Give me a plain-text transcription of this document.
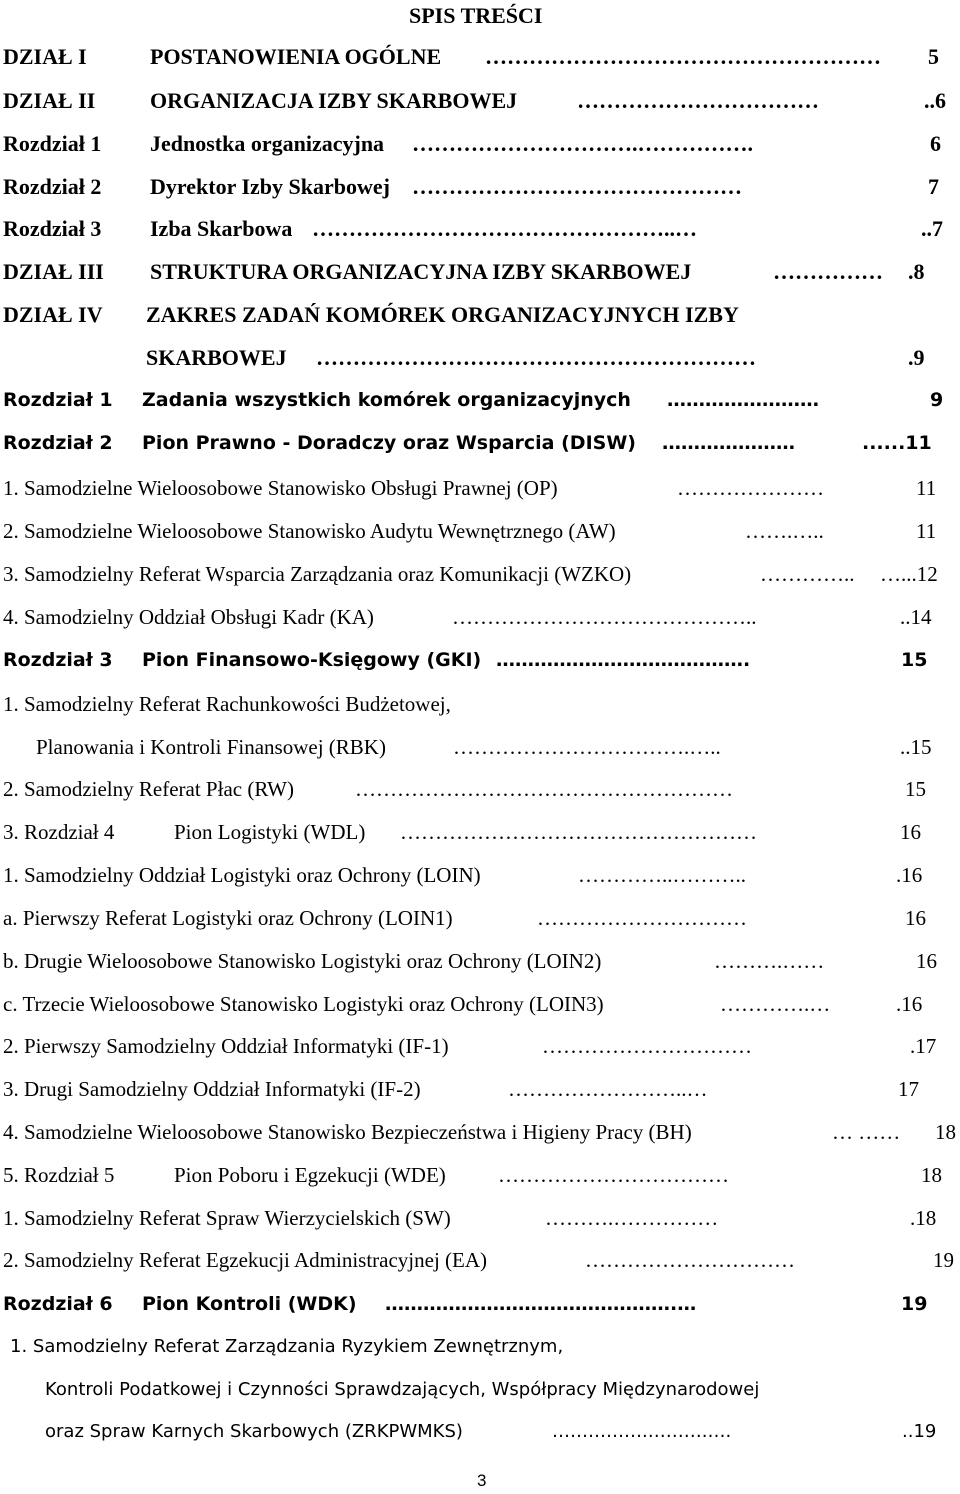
SPIS TREŚCI
DZIAŁ I	POSTANOWIENIA OGÓLNE ……………………………………………… 5
DZIAŁ II ORGANIZACJA IZBY SKARBOWEJ	……………………………	..6
Rozdział 1 Jednostka organizacyjna ………………………….…………….	6
Rozdział 2 Dyrektor Izby Skarbowej ………………………………………	7
Rozdział 3 Izba Skarbowa …………………………………………..…	..7
DZIAŁ III STRUKTURA ORGANIZACYJNA IZBY SKARBOWEJ	…………… .8
DZIAŁ IV ZAKRES ZADAŃ KOMÓREK ORGANIZACYJNYCH IZBY
SKARBOWEJ ……………………………………………………	.9
Rozdział 1 Zadania wszystkich komórek organizacyjnych ……………………	9
Rozdział 2 Pion Prawno - Doradczy oraz Wsparcia (DISW) …………………	......11
1. Samodzielne Wieloosobowe Stanowisko Obsługi Prawnej (OP)	…………………	11
2. Samodzielne Wieloosobowe Stanowisko Audytu Wewnętrznego (AW)	…….…..	11
3. Samodzielny Referat Wsparcia Zarządzania oraz Komunikacji (WZKO)	………….. …...12
4. Samodzielny Oddział Obsługi Kadr (KA)	……………………………………..	..14
Rozdział 3 Pion Finansowo-Księgowy (GKI) ………………………………….	15
1. Samodzielny Referat Rachunkowości Budżetowej,
Planowania i Kontroli Finansowej (RBK)	…………………………….…..	..15
2. Samodzielny Referat Płac (RW)	………………………………………………	15
3. Rozdział 4	Pion Logistyki (WDL) ……………………………………………	16
1. Samodzielny Oddział Logistyki oraz Ochrony (LOIN)	…………..………..	.16
a. Pierwszy Referat Logistyki oraz Ochrony (LOIN1)	…………………………	16
b. Drugie Wieloosobowe Stanowisko Logistyki oraz Ochrony (LOIN2)	……….……	16
c. Trzecie Wieloosobowe Stanowisko Logistyki oraz Ochrony (LOIN3)	………….…	.16
2. Pierwszy Samodzielny Oddział Informatyki (IF-1)	…………………………	.17
3. Drugi Samodzielny Oddział Informatyki (IF-2)	……………………..…	17
4. Samodzielne Wieloosobowe Stanowisko Bezpieczeństwa i Higieny Pracy (BH)	… …… 18
5. Rozdział 5	Pion Poboru i Egzekucji (WDE) ……………………………	18
1. Samodzielny Referat Spraw Wierzycielskich (SW)	……….……………	.18
2. Samodzielny Referat Egzekucji Administracyjnej (EA)	…………………………	19
Rozdział 6 Pion Kontroli (WDK) ……………………………………….…	19
1. Samodzielny Referat Zarządzania Ryzykiem Zewnętrznym,
Kontroli Podatkowej i Czynności Sprawdzających, Współpracy Międzynarodowej
oraz Spraw Karnych Skarbowych (ZRKPWMKS)	…………….……….….	..19
3
